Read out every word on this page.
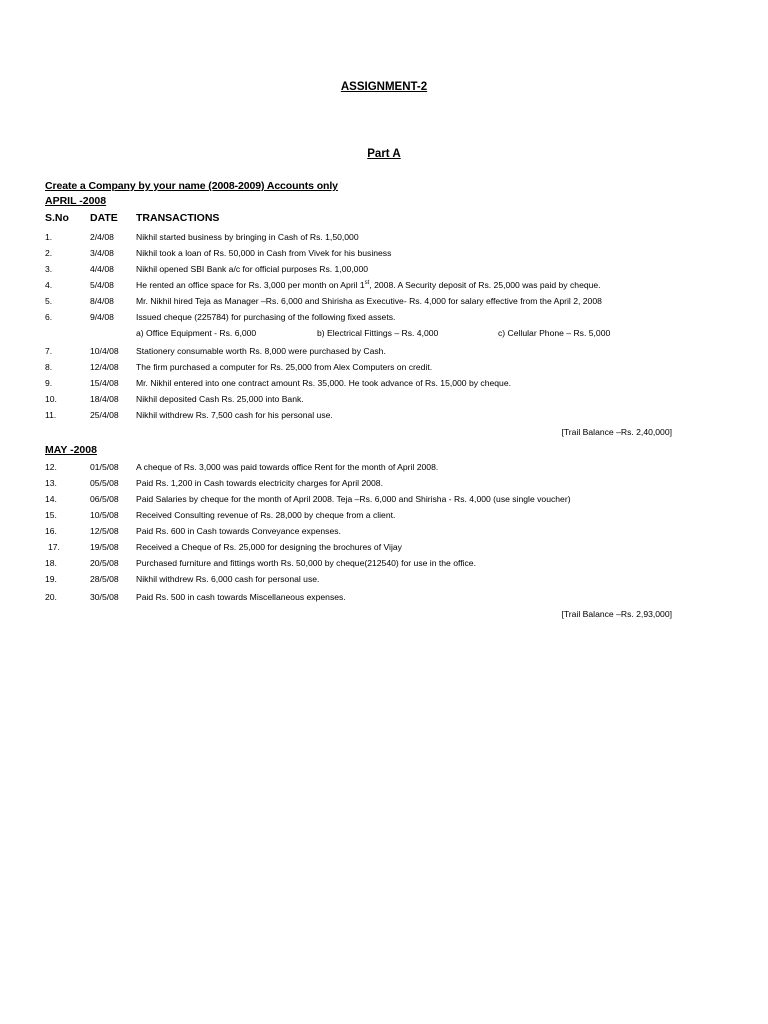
ASSIGNMENT-2
Part A
Create a Company by your name (2008-2009) Accounts only
APRIL -2008
S.No DATE TRANSACTIONS
1.	2/4/08	Nikhil started business by bringing in Cash of Rs. 1,50,000
2.	3/4/08	Nikhil took a loan of Rs. 50,000 in Cash from Vivek for his business
3.	4/4/08	Nikhil opened SBI Bank a/c for official purposes Rs. 1,00,000
4.	5/4/08	He rented an office space for Rs. 3,000 per month on April 1st, 2008. A Security deposit of Rs. 25,000 was paid by cheque.
5.	8/4/08	Mr. Nikhil hired Teja as Manager –Rs. 6,000 and Shirisha as Executive- Rs. 4,000 for salary effective from the April 2, 2008
6.	9/4/08	Issued cheque (225784) for purchasing of the following fixed assets.
a) Office Equipment - Rs. 6,000	b) Electrical Fittings – Rs. 4,000	c) Cellular Phone – Rs. 5,000
7.	10/4/08 Stationery consumable worth Rs. 8,000 were purchased by Cash.
8.	12/4/08 The firm purchased a computer for Rs. 25,000 from Alex Computers on credit.
9.	15/4/08 Mr. Nikhil entered into one contract amount Rs. 35,000. He took advance of Rs. 15,000 by cheque.
10.	18/4/08 Nikhil deposited Cash Rs. 25,000 into Bank.
11.	25/4/08 Nikhil withdrew Rs. 7,500 cash for his personal use.
[Trail Balance –Rs. 2,40,000]
MAY -2008
12.	01/5/08 A cheque of Rs. 3,000 was paid towards office Rent for the month of April 2008.
13.	05/5/08 Paid Rs. 1,200 in Cash towards electricity charges for April 2008.
14.	06/5/08 Paid Salaries by cheque for the month of April 2008. Teja –Rs. 6,000 and Shirisha - Rs. 4,000 (use single voucher)
15.	10/5/08 Received Consulting revenue of Rs. 28,000 by cheque from a client.
16.	12/5/08 Paid Rs. 600 in Cash towards Conveyance expenses.
17.	19/5/08 Received a Cheque of Rs. 25,000 for designing the brochures of Vijay
18.	20/5/08 Purchased furniture and fittings worth Rs. 50,000 by cheque(212540) for use in the office.
19.	28/5/08 Nikhil withdrew Rs. 6,000 cash for personal use.
20.	30/5/08 Paid Rs. 500 in cash towards Miscellaneous expenses.
[Trail Balance –Rs. 2,93,000]
